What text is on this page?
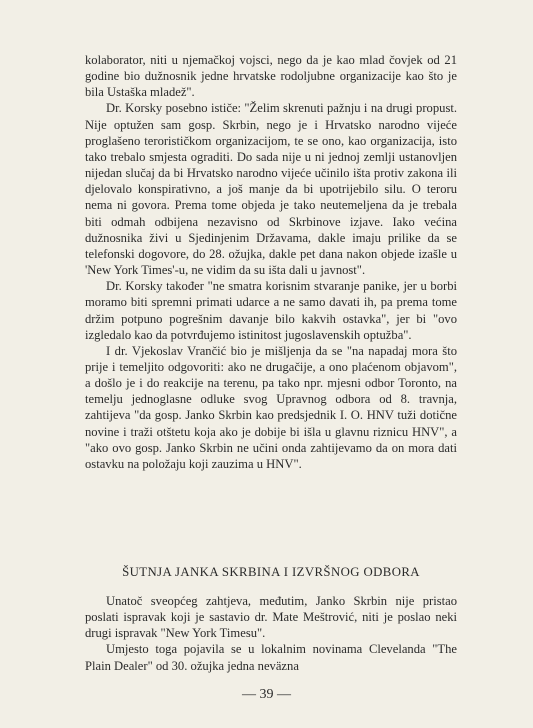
kolaborator, niti u njemačkoj vojsci, nego da je kao mlad čovjek od 21 godine bio dužnosnik jedne hrvatske rodoljubne organizacije kao što je bila Ustaška mladež".

Dr. Korsky posebno ističe: "Želim skrenuti pažnju i na drugi propust. Nije optužen sam gosp. Skrbin, nego je i Hrvatsko narodno vijeće proglašeno terorističkom organizacijom, te se ono, kao organizacija, isto tako trebalo smjesta ograditi. Do sada nije u ni jednoj zemlji ustanovljen nijedan slučaj da bi Hrvatsko narodno vijeće učinilo išta protiv zakona ili djelovalo konspirativno, a još manje da bi upotrijebilo silu. O teroru nema ni govora. Prema tome objeda je tako neutemeljena da je trebala biti odmah odbijena nezavisno od Skrbinove izjave. Iako većina dužnosnika živi u Sjedinjenim Državama, dakle imaju prilike da se telefonski dogovore, do 28. ožujka, dakle pet dana nakon objede izašle u 'New York Times'-u, ne vidim da su išta dali u javnost".

Dr. Korsky također "ne smatra korisnim stvaranje panike, jer u borbi moramo biti spremni primati udarce a ne samo davati ih, pa prema tome držim potpuno pogrešnim davanje bilo kakvih ostavka", jer bi "ovo izgledalo kao da potvrđujemo istinitost jugoslavenskih optužba".

I dr. Vjekoslav Vrančić bio je mišljenja da se "na napadaj mora što prije i temeljito odgovoriti: ako ne drugačije, a ono plaćenom objavom", a došlo je i do reakcije na terenu, pa tako npr. mjesni odbor Toronto, na temelju jednoglasne odluke svog Upravnog odbora od 8. travnja, zahtijeva "da gosp. Janko Skrbin kao predsjednik I. O. HNV tuži dotične novine i traži otštetu koja ako je dobije bi išla u glavnu riznicu HNV", a "ako ovo gosp. Janko Skrbin ne učini onda zahtijevamo da on mora dati ostavku na položaju koji zauzima u HNV".

ŠUTNJA JANKA SKRBINA I IZVRŠNOG ODBORA

Unatoč sveopćeg zahtjeva, međutim, Janko Skrbin nije pristao poslati ispravak koji je sastavio dr. Mate Meštrović, niti je poslao neki drugi ispravak "New York Timesu".

Umjesto toga pojavila se u lokalnim novinama Clevelanda "The Plain Dealer" od 30. ožujka jedna neväzna

— 39 —
